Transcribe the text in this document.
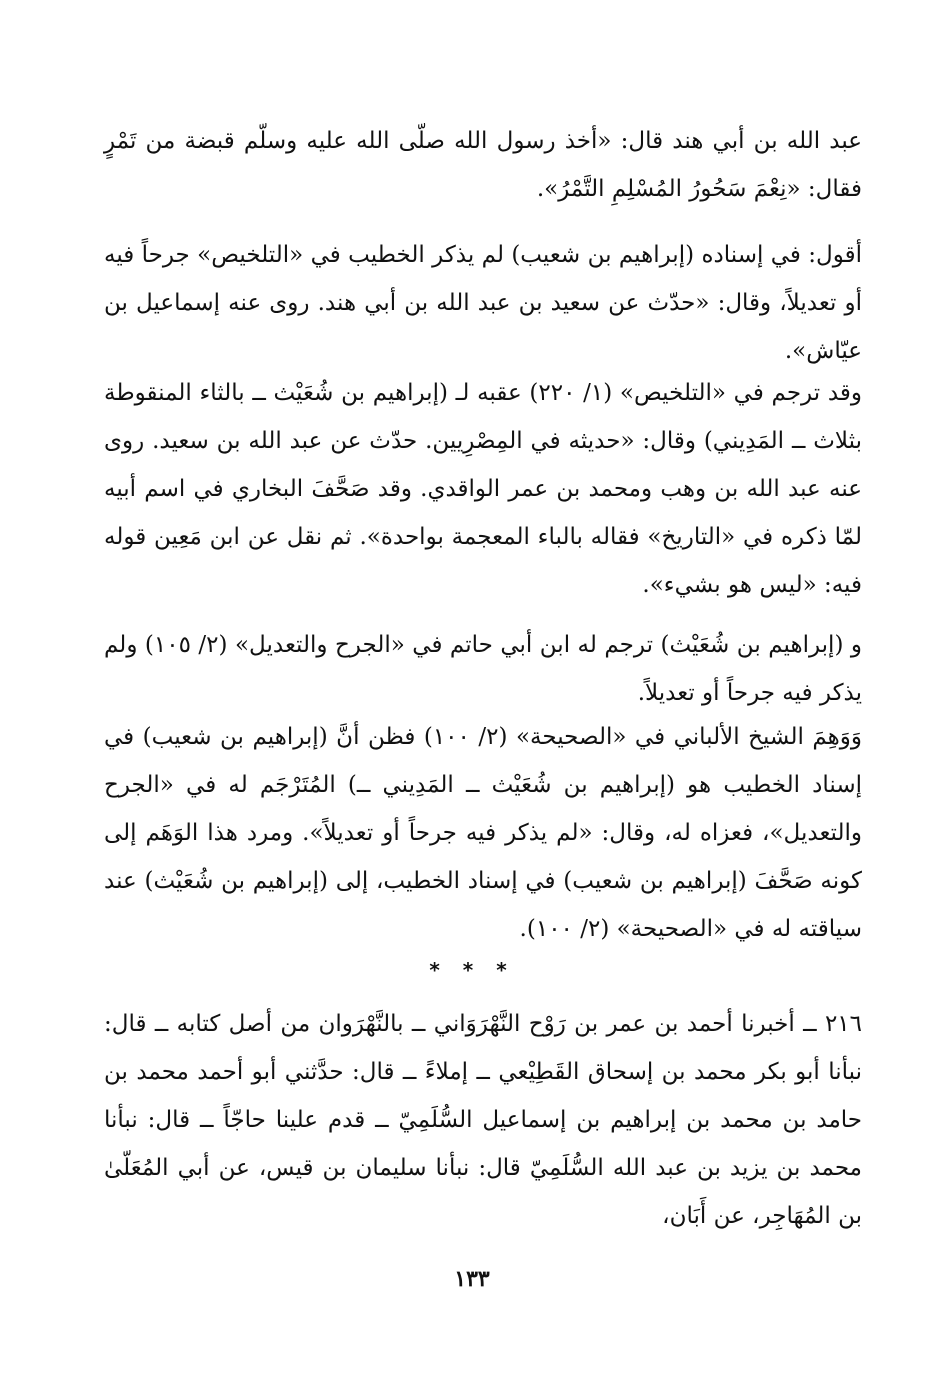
عبد الله بن أبي هند قال: «أخذ رسول الله صلّى الله عليه وسلّم قبضة من تَمْرٍ فقال: «نِعْمَ سَحُورُ المُسْلِمِ التَّمْرُ».

أقول: في إسناده (إبراهيم بن شعيب) لم يذكر الخطيب في «التلخيص» جرحاً فيه أو تعديلاً، وقال: «حدّث عن سعيد بن عبد الله بن أبي هند. روى عنه إسماعيل بن عيّاش».

وقد ترجم في «التلخيص» (١/ ٢٢٠) عقبه لـ (إبراهيم بن شُعَيْث ــ بالثاء المنقوطة بثلاث ــ المَدِيني) وقال: «حديثه في المِصْرِيين. حدّث عن عبد الله بن سعيد. روى عنه عبد الله بن وهب ومحمد بن عمر الواقدي. وقد صَحَّفَ البخاري في اسم أبيه لمّا ذكره في «التاريخ» فقاله بالباء المعجمة بواحدة». ثم نقل عن ابن مَعِين قوله فيه: «ليس هو بشيء».

و (إبراهيم بن شُعَيْث) ترجم له ابن أبي حاتم في «الجرح والتعديل» (٢/ ١٠٥) ولم يذكر فيه جرحاً أو تعديلاً.

وَوَهِمَ الشيخ الألباني في «الصحيحة» (٢/ ١٠٠) فظن أنَّ (إبراهيم بن شعيب) في إسناد الخطيب هو (إبراهيم بن شُعَيْث ــ المَدِيني ــ) المُتَرْجَم له في «الجرح والتعديل»، فعزاه له، وقال: «لم يذكر فيه جرحاً أو تعديلاً». ومرد هذا الوَهَم إلى كونه صَحَّفَ (إبراهيم بن شعيب) في إسناد الخطيب، إلى (إبراهيم بن شُعَيْث) عند سياقته له في «الصحيحة» (٢/ ١٠٠).

* * *

٢١٦ ــ أخبرنا أحمد بن عمر بن رَوْح النَّهْرَوَاني ــ بالنَّهْرَوان من أصل كتابه ــ قال: نبأنا أبو بكر محمد بن إسحاق القَطِيْعي ــ إملاءً ــ قال: حدَّثني أبو أحمد محمد بن حامد بن محمد بن إبراهيم بن إسماعيل السُّلَمِيّ ــ قدم علينا حاجّاً ــ قال: نبأنا محمد بن يزيد بن عبد الله السُّلَمِيّ قال: نبأنا سليمان بن قيس، عن أبي المُعَلّىٰ بن المُهَاجِر، عن أَبَان،

١٣٣
